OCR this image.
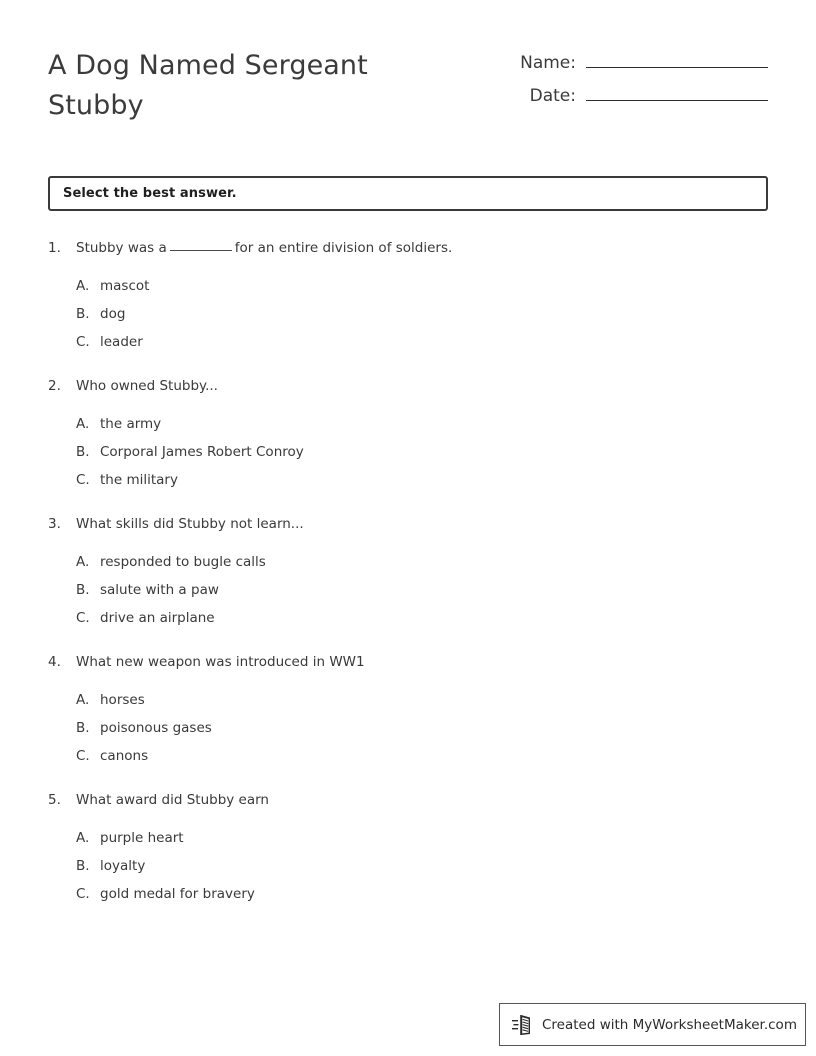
A Dog Named Sergeant Stubby
Name:
Date:
Select the best answer.
1.	Stubby was a	for an entire division of soldiers.
A. mascot
B. dog
C. leader
2.	Who owned Stubby...
A. the army
B. Corporal James Robert Conroy
C. the military
3.	What skills did Stubby not learn...
A. responded to bugle calls
B. salute with a paw
C. drive an airplane
4.	What new weapon was introduced in WW1
A. horses
B. poisonous gases
C. canons
5.	What award did Stubby earn
A. purple heart
B. loyalty
C. gold medal for bravery
Created with MyWorksheetMaker.com
